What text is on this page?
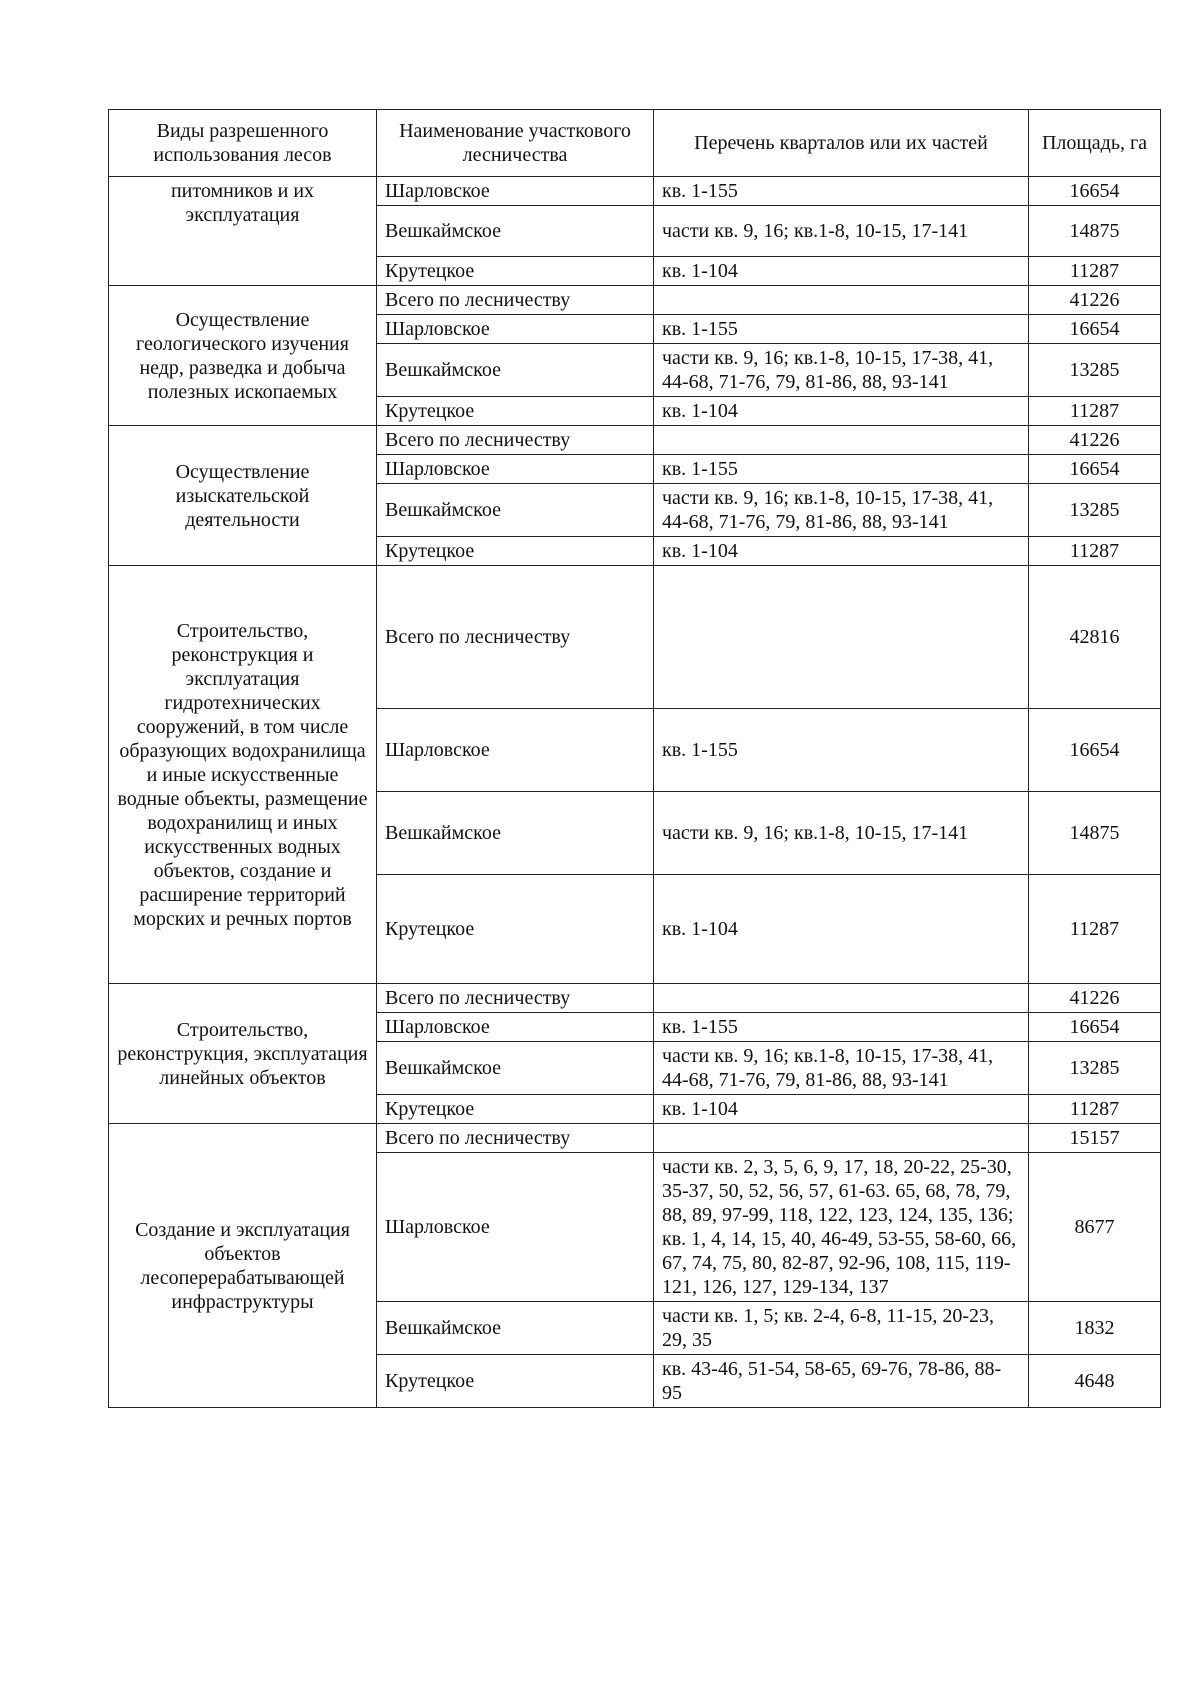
Виды разрешенного использования лесов	Наименование участкового лесничества	Перечень кварталов или их частей	Площадь, га
питомников и их эксплуатация	Шарловское	кв. 1-155	16654
	Вешкаймское	части кв. 9, 16; кв.1-8, 10-15, 17-141	14875
	Крутецкое	кв. 1-104	11287
Осуществление геологического изучения недр, разведка и добыча полезных ископаемых	Всего по лесничеству		41226
	Шарловское	кв. 1-155	16654
	Вешкаймское	части кв. 9, 16; кв.1-8, 10-15, 17-38, 41, 44-68, 71-76, 79, 81-86, 88, 93-141	13285
	Крутецкое	кв. 1-104	11287
Осуществление изыскательской деятельности	Всего по лесничеству		41226
	Шарловское	кв. 1-155	16654
	Вешкаймское	части кв. 9, 16; кв.1-8, 10-15, 17-38, 41, 44-68, 71-76, 79, 81-86, 88, 93-141	13285
	Крутецкое	кв. 1-104	11287
Строительство, реконструкция и эксплуатация гидротехнических сооружений, в том числе образующих водохранилища и иные искусственные водные объекты, размещение водохранилищ и иных искусственных водных объектов, создание и расширение территорий морских и речных портов	Всего по лесничеству		42816
	Шарловское	кв. 1-155	16654
	Вешкаймское	части кв. 9, 16; кв.1-8, 10-15, 17-141	14875
	Крутецкое	кв. 1-104	11287
Строительство, реконструкция, эксплуатация линейных объектов	Всего по лесничеству		41226
	Шарловское	кв. 1-155	16654
	Вешкаймское	части кв. 9, 16; кв.1-8, 10-15, 17-38, 41, 44-68, 71-76, 79, 81-86, 88, 93-141	13285
	Крутецкое	кв. 1-104	11287
Создание и эксплуатация объектов лесоперерабатывающей инфраструктуры	Всего по лесничеству		15157
	Шарловское	части кв. 2, 3, 5, 6, 9, 17, 18, 20-22, 25-30, 35-37, 50, 52, 56, 57, 61-63. 65, 68, 78, 79, 88, 89, 97-99, 118, 122, 123, 124, 135, 136; кв. 1, 4, 14, 15, 40, 46-49, 53-55, 58-60, 66, 67, 74, 75, 80, 82-87, 92-96, 108, 115, 119-121, 126, 127, 129-134, 137	8677
	Вешкаймское	части кв. 1, 5; кв. 2-4, 6-8, 11-15, 20-23, 29, 35	1832
	Крутецкое	кв. 43-46, 51-54, 58-65, 69-76, 78-86, 88-95	4648
